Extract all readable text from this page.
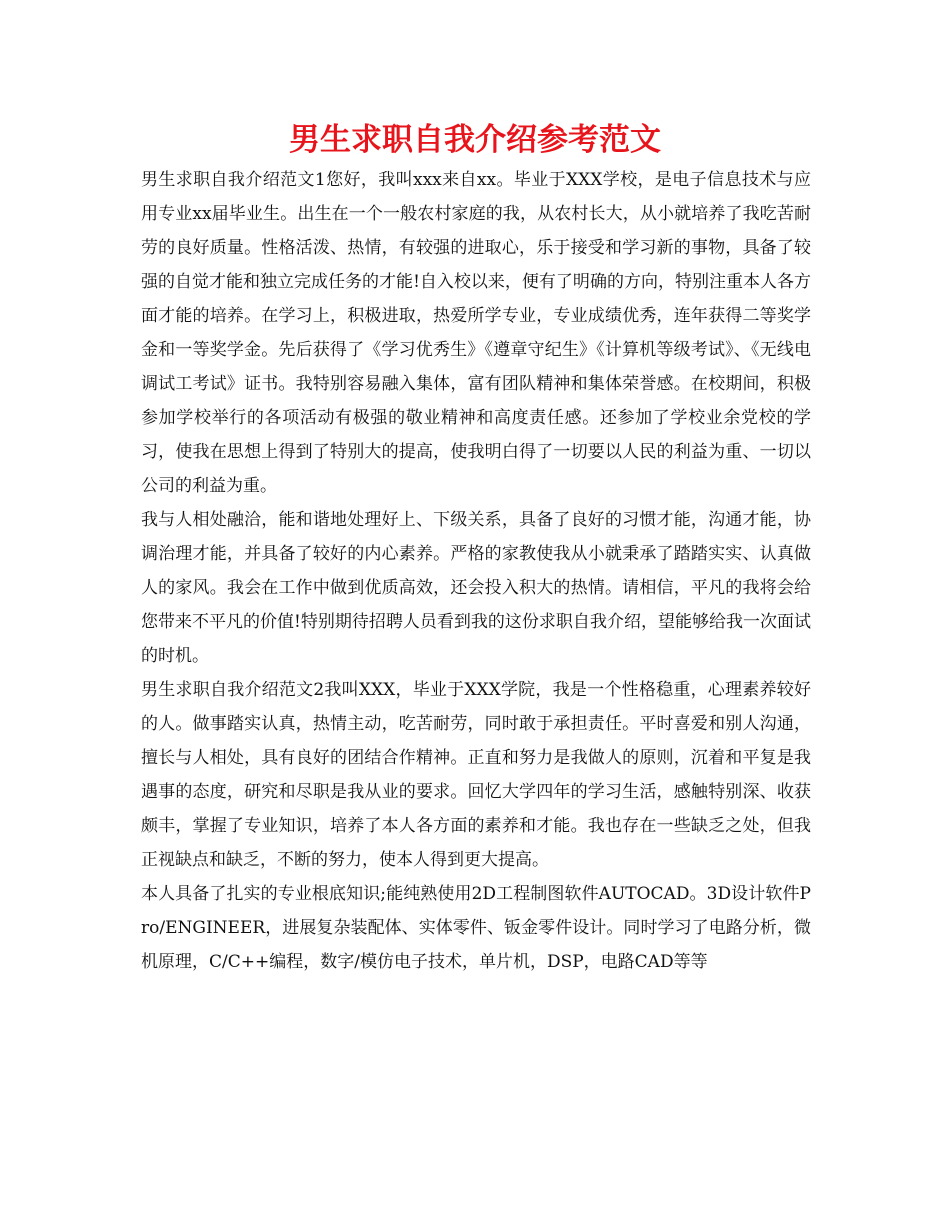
男生求职自我介绍参考范文

男生求职自我介绍范文1您好，我叫xxx来自xx。毕业于XXX学校，是电子信息技术与应用专业xx届毕业生。出生在一个一般农村家庭的我，从农村长大，从小就培养了我吃苦耐劳的良好质量。性格活泼、热情，有较强的进取心，乐于接受和学习新的事物，具备了较强的自觉才能和独立完成任务的才能!自入校以来，便有了明确的方向，特别注重本人各方面才能的培养。在学习上，积极进取，热爱所学专业，专业成绩优秀，连年获得二等奖学金和一等奖学金。先后获得了《学习优秀生》《遵章守纪生》《计算机等级考试》、《无线电调试工考试》证书。我特别容易融入集体，富有团队精神和集体荣誉感。在校期间，积极参加学校举行的各项活动有极强的敬业精神和高度责任感。还参加了学校业余党校的学习，使我在思想上得到了特别大的提高，使我明白得了一切要以人民的利益为重、一切以公司的利益为重。

我与人相处融洽，能和谐地处理好上、下级关系，具备了良好的习惯才能，沟通才能，协调治理才能，并具备了较好的内心素养。严格的家教使我从小就秉承了踏踏实实、认真做人的家风。我会在工作中做到优质高效，还会投入积大的热情。请相信，平凡的我将会给您带来不平凡的价值!特别期待招聘人员看到我的这份求职自我介绍，望能够给我一次面试的时机。

男生求职自我介绍范文2我叫XXX，毕业于XXX学院，我是一个性格稳重，心理素养较好的人。做事踏实认真，热情主动，吃苦耐劳，同时敢于承担责任。平时喜爱和别人沟通，擅长与人相处，具有良好的团结合作精神。正直和努力是我做人的原则，沉着和平复是我遇事的态度，研究和尽职是我从业的要求。回忆大学四年的学习生活，感触特别深、收获颇丰，掌握了专业知识，培养了本人各方面的素养和才能。我也存在一些缺乏之处，但我正视缺点和缺乏，不断的努力，使本人得到更大提高。

本人具备了扎实的专业根底知识;能纯熟使用2D工程制图软件AUTOCAD。3D设计软件Pro/ENGINEER，进展复杂装配体、实体零件、钣金零件设计。同时学习了电路分析，微机原理，C/C++编程，数字/模仿电子技术，单片机，DSP，电路CAD等等
